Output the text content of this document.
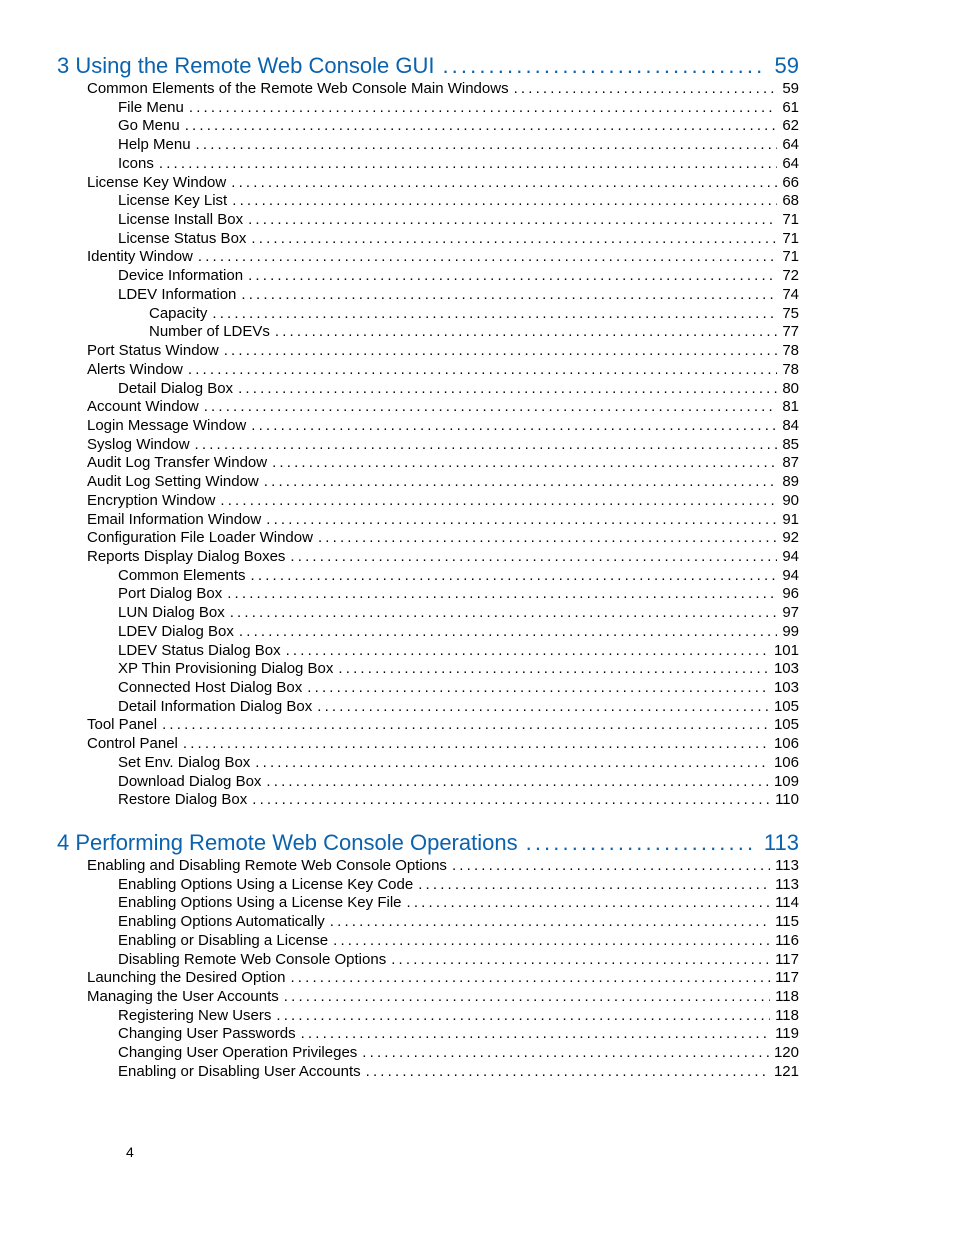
3 Using the Remote Web Console GUI . . .	59
Common Elements of the Remote Web Console Main Windows . . .	59
File Menu . . .	61
Go Menu . . .	62
Help Menu . . .	64
Icons . . .	64
License Key Window . . .	66
License Key List . . .	68
License Install Box . . .	71
License Status Box . . .	71
Identity Window . . .	71
Device Information . . .	72
LDEV Information . . .	74
Capacity . . .	75
Number of LDEVs . . .	77
Port Status Window . . .	78
Alerts Window . . .	78
Detail Dialog Box . . .	80
Account Window . . .	81
Login Message Window . . .	84
Syslog Window . . .	85
Audit Log Transfer Window . . .	87
Audit Log Setting Window . . .	89
Encryption Window . . .	90
Email Information Window . . .	91
Configuration File Loader Window . . .	92
Reports Display Dialog Boxes . . .	94
Common Elements . . .	94
Port Dialog Box . . .	96
LUN Dialog Box . . .	97
LDEV Dialog Box . . .	99
LDEV Status Dialog Box . . .	101
XP Thin Provisioning Dialog Box . . .	103
Connected Host Dialog Box . . .	103
Detail Information Dialog Box . . .	105
Tool Panel . . .	105
Control Panel . . .	106
Set Env. Dialog Box . . .	106
Download Dialog Box . . .	109
Restore Dialog Box . . .	110
4 Performing Remote Web Console Operations . . .	113
Enabling and Disabling Remote Web Console Options . . .	113
Enabling Options Using a License Key Code . . .	113
Enabling Options Using a License Key File . . .	114
Enabling Options Automatically . . .	115
Enabling or Disabling a License . . .	116
Disabling Remote Web Console Options . . .	117
Launching the Desired Option . . .	117
Managing the User Accounts . . .	118
Registering New Users . . .	118
Changing User Passwords . . .	119
Changing User Operation Privileges . . .	120
Enabling or Disabling User Accounts . . .	121
4
